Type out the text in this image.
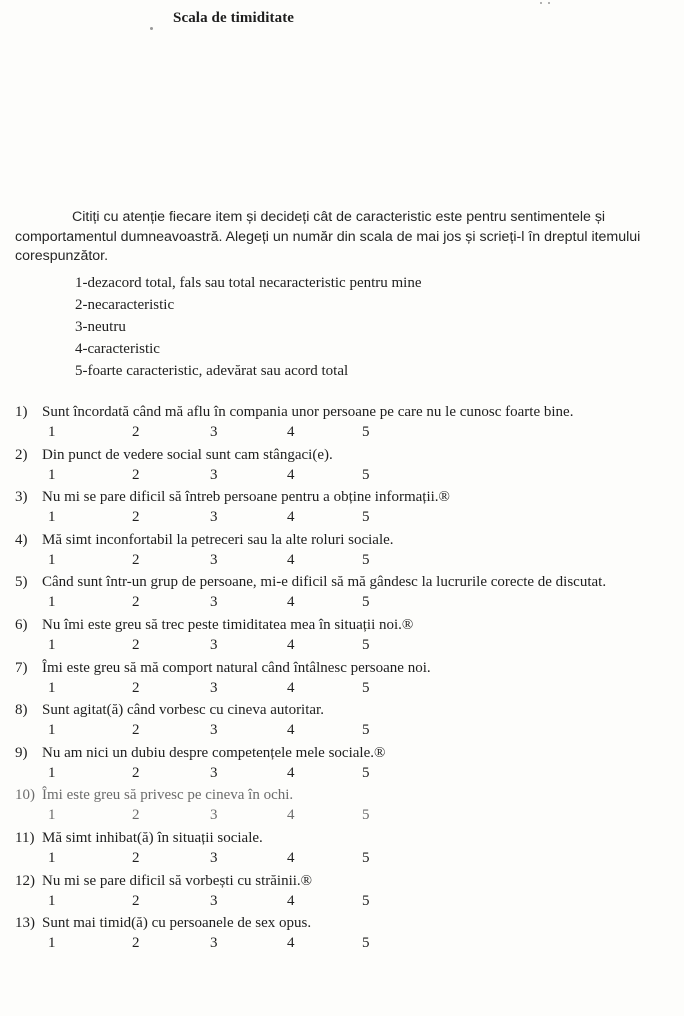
Scala de timiditate
Citiți cu atenție fiecare item și decideți cât de caracteristic este pentru sentimentele și comportamentul dumneavoastră. Alegeți un număr din scala de mai jos și scrieți-l în dreptul itemului corespunzător.
1-dezacord total, fals sau total necaracteristic pentru mine
2-necaracteristic
3-neutru
4-caracteristic
5-foarte caracteristic, adevărat sau acord total
1) Sunt încordată când mă aflu în compania unor persoane pe care nu le cunosc foarte bine.
1	2	3	4	5
2) Din punct de vedere social sunt cam stângaci(e).
1	2	3	4	5
3) Nu mi se pare dificil să întreb persoane pentru a obține informații.®
1	2	3	4	5
4) Mă simt inconfortabil la petreceri sau la alte roluri sociale.
1	2	3	4	5
5) Când sunt într-un grup de persoane, mi-e dificil să mă gândesc la lucrurile corecte de discutat.
1	2	3	4	5
6) Nu îmi este greu să trec peste timiditatea mea în situații noi.®
1	2	3	4	5
7) Îmi este greu să mă comport natural când întâlnesc persoane noi.
1	2	3	4	5
8) Sunt agitat(ă) când vorbesc cu cineva autoritar.
1	2	3	4	5
9) Nu am nici un dubiu despre competențele mele sociale.®
1	2	3	4	5
10) Îmi este greu să privesc pe cineva în ochi.
1	2	3	4	5
11) Mă simt inhibat(ă) în situații sociale.
1	2	3	4	5
12) Nu mi se pare dificil să vorbești cu străinii.®
1	2	3	4	5
13) Sunt mai timid(ă) cu persoanele de sex opus.
1	2	3	4	5
